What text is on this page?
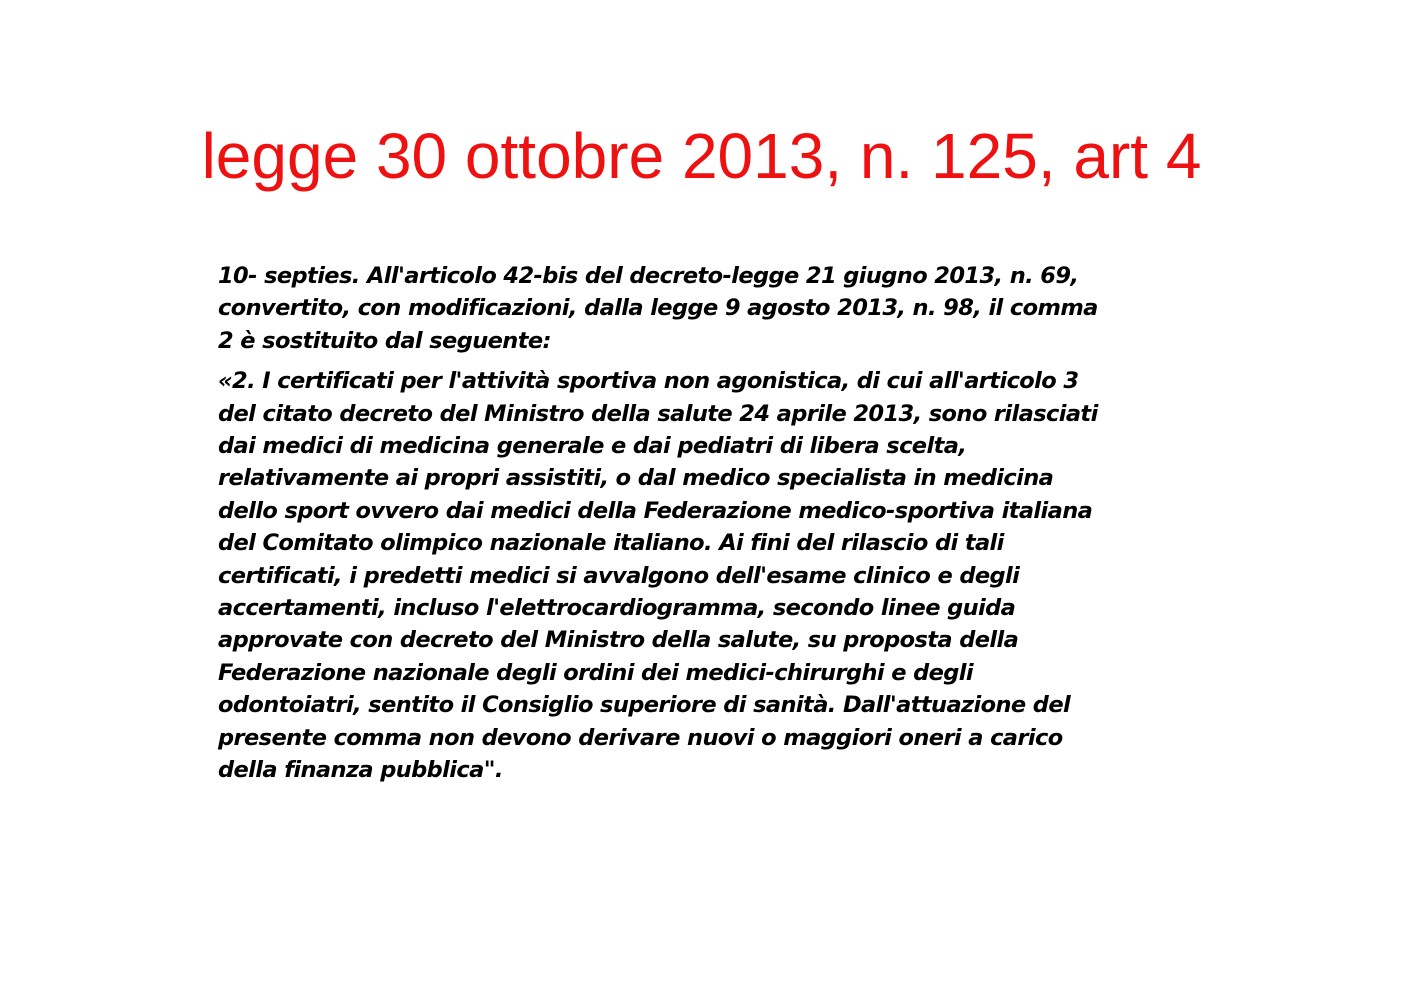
legge 30 ottobre 2013, n. 125, art 4

10- septies. All'articolo 42-bis del decreto-legge 21 giugno 2013, n. 69,
convertito, con modificazioni, dalla legge 9 agosto 2013, n. 98, il comma
2 è sostituito dal seguente:

«2. I certificati per l'attività sportiva non agonistica, di cui all'articolo 3
del citato decreto del Ministro della salute 24 aprile 2013, sono rilasciati
dai medici di medicina generale e dai pediatri di libera scelta,
relativamente ai propri assistiti, o dal medico specialista in medicina
dello sport ovvero dai medici della Federazione medico-sportiva italiana
del Comitato olimpico nazionale italiano. Ai fini del rilascio di tali
certificati, i predetti medici si avvalgono dell'esame clinico e degli
accertamenti, incluso l'elettrocardiogramma, secondo linee guida
approvate con decreto del Ministro della salute, su proposta della
Federazione nazionale degli ordini dei medici-chirurghi e degli
odontoiatri, sentito il Consiglio superiore di sanità. Dall'attuazione del
presente comma non devono derivare nuovi o maggiori oneri a carico
della finanza pubblica".
